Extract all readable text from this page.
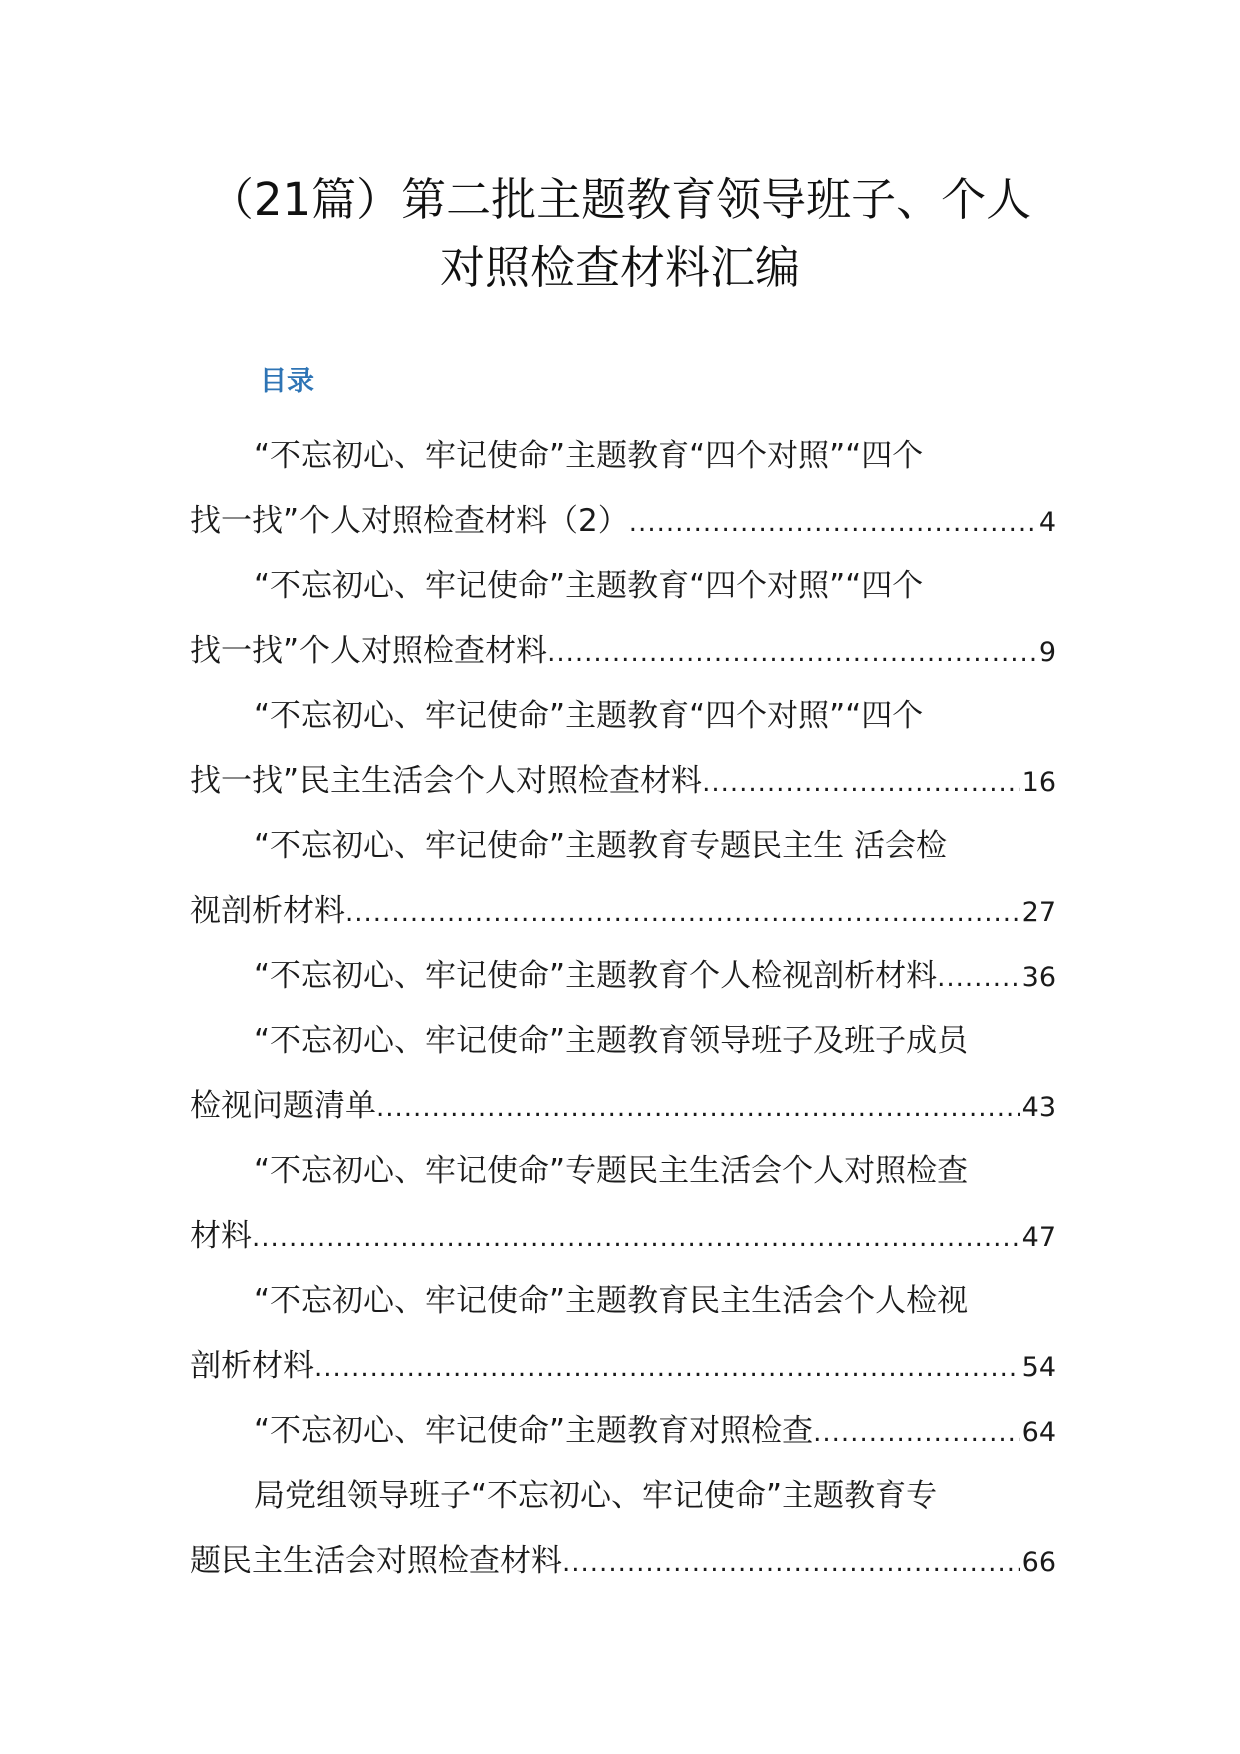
（21篇）第二批主题教育领导班子、个人
对照检查材料汇编
目录
“不忘初心、牢记使命”主题教育“四个对照”“四个
找一找”个人对照检查材料（2） .....	4
“不忘初心、牢记使命”主题教育“四个对照”“四个
找一找”个人对照检查材料 .....	9
“不忘初心、牢记使命”主题教育“四个对照”“四个
找一找”民主生活会个人对照检查材料 .....	16
“不忘初心、牢记使命”主题教育专题民主生 活会检
视剖析材料 .....	27
“不忘初心、牢记使命”主题教育个人检视剖析材料 .....	36
“不忘初心、牢记使命”主题教育领导班子及班子成员
检视问题清单 .....	43
“不忘初心、牢记使命”专题民主生活会个人对照检查
材料 .....	47
“不忘初心、牢记使命”主题教育民主生活会个人检视
剖析材料 .....	54
“不忘初心、牢记使命”主题教育对照检查 .....	64
局党组领导班子“不忘初心、牢记使命”主题教育专
题民主生活会对照检查材料 .....	66
